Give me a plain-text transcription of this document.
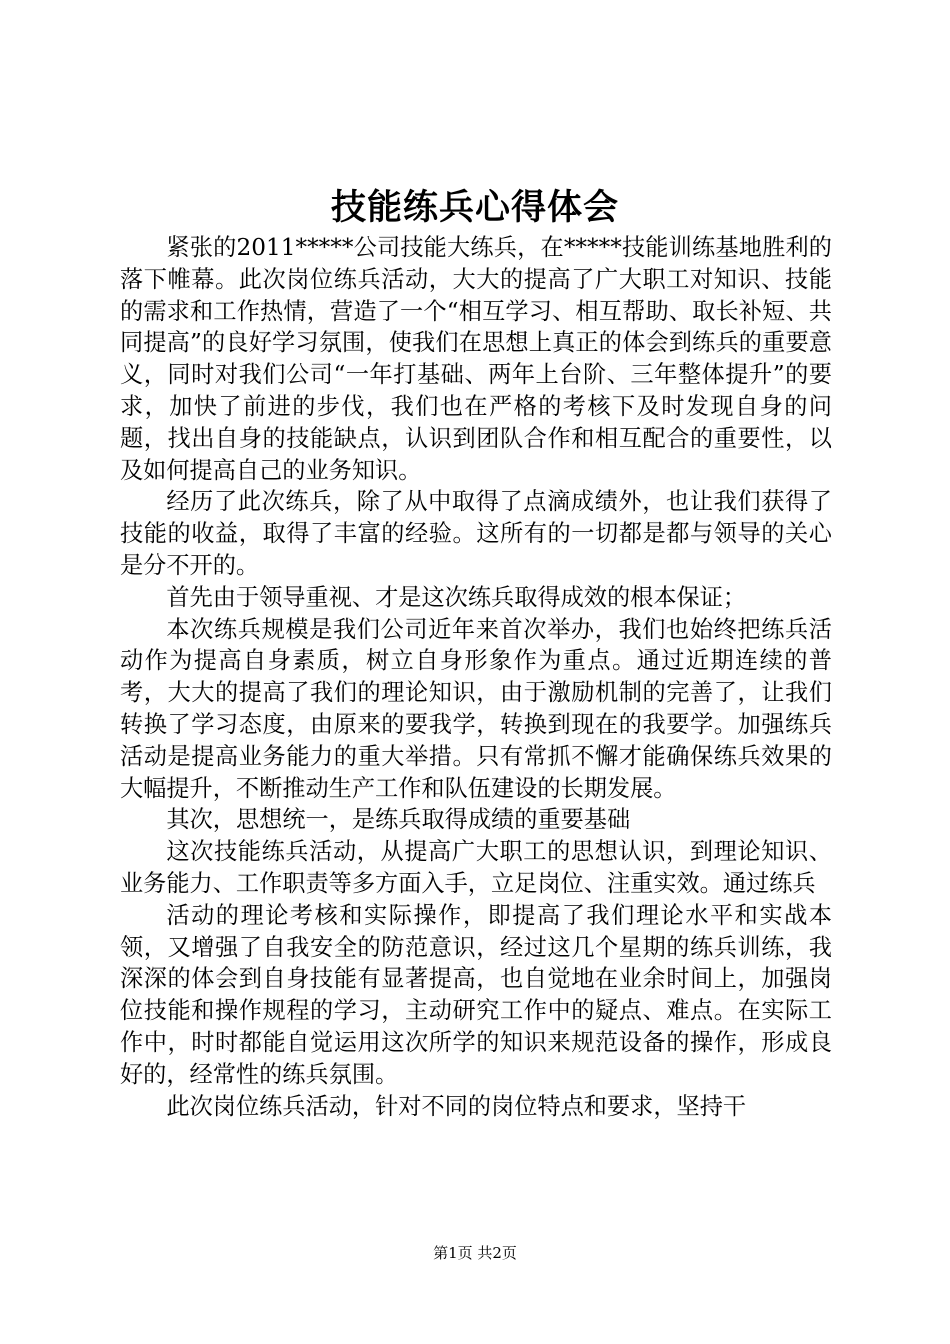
技能练兵心得体会

紧张的2011*****公司技能大练兵，在*****技能训练基地胜利的落下帷幕。此次岗位练兵活动，大大的提高了广大职工对知识、技能的需求和工作热情，营造了一个“相互学习、相互帮助、取长补短、共同提高”的良好学习氛围，使我们在思想上真正的体会到练兵的重要意义，同时对我们公司“一年打基础、两年上台阶、三年整体提升”的要求，加快了前进的步伐，我们也在严格的考核下及时发现自身的问题，找出自身的技能缺点，认识到团队合作和相互配合的重要性，以及如何提高自己的业务知识。

经历了此次练兵，除了从中取得了点滴成绩外，也让我们获得了技能的收益，取得了丰富的经验。这所有的一切都是都与领导的关心是分不开的。

首先由于领导重视、才是这次练兵取得成效的根本保证；

本次练兵规模是我们公司近年来首次举办，我们也始终把练兵活动作为提高自身素质，树立自身形象作为重点。通过近期连续的普考，大大的提高了我们的理论知识，由于激励机制的完善了，让我们转换了学习态度，由原来的要我学，转换到现在的我要学。加强练兵活动是提高业务能力的重大举措。只有常抓不懈才能确保练兵效果的大幅提升，不断推动生产工作和队伍建设的长期发展。

其次，思想统一，是练兵取得成绩的重要基础

这次技能练兵活动，从提高广大职工的思想认识，到理论知识、业务能力、工作职责等多方面入手，立足岗位、注重实效。通过练兵

活动的理论考核和实际操作，即提高了我们理论水平和实战本领，又增强了自我安全的防范意识，经过这几个星期的练兵训练，我深深的体会到自身技能有显著提高，也自觉地在业余时间上，加强岗位技能和操作规程的学习，主动研究工作中的疑点、难点。在实际工作中，时时都能自觉运用这次所学的知识来规范设备的操作，形成良好的，经常性的练兵氛围。

此次岗位练兵活动，针对不同的岗位特点和要求，坚持干

第1页 共2页
